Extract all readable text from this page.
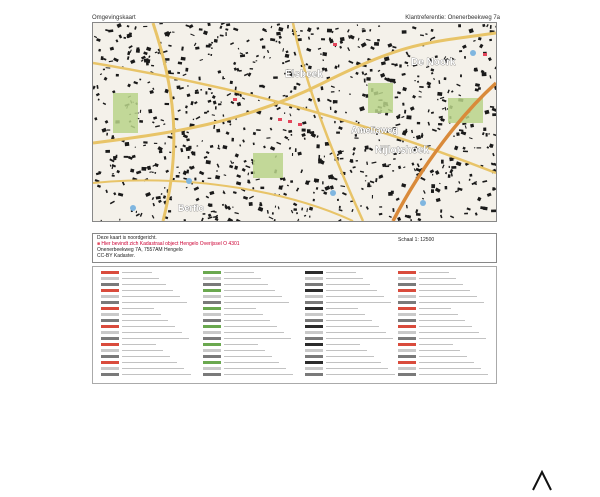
Omgevingskaart	Klantreferentie: Onenerbeekweg 7a
Elsbeek
De Noork
Nijlotshoek
Berflo
Ameliaweg
Deze kaart is noordgericht.
■ Hier bevindt zich Kadastraal object Hengelo Overijssel O 4301
Onenerbeekweg 7A, 7557AM Hengelo
CC-BY Kadaster.
Schaal 1: 12500
